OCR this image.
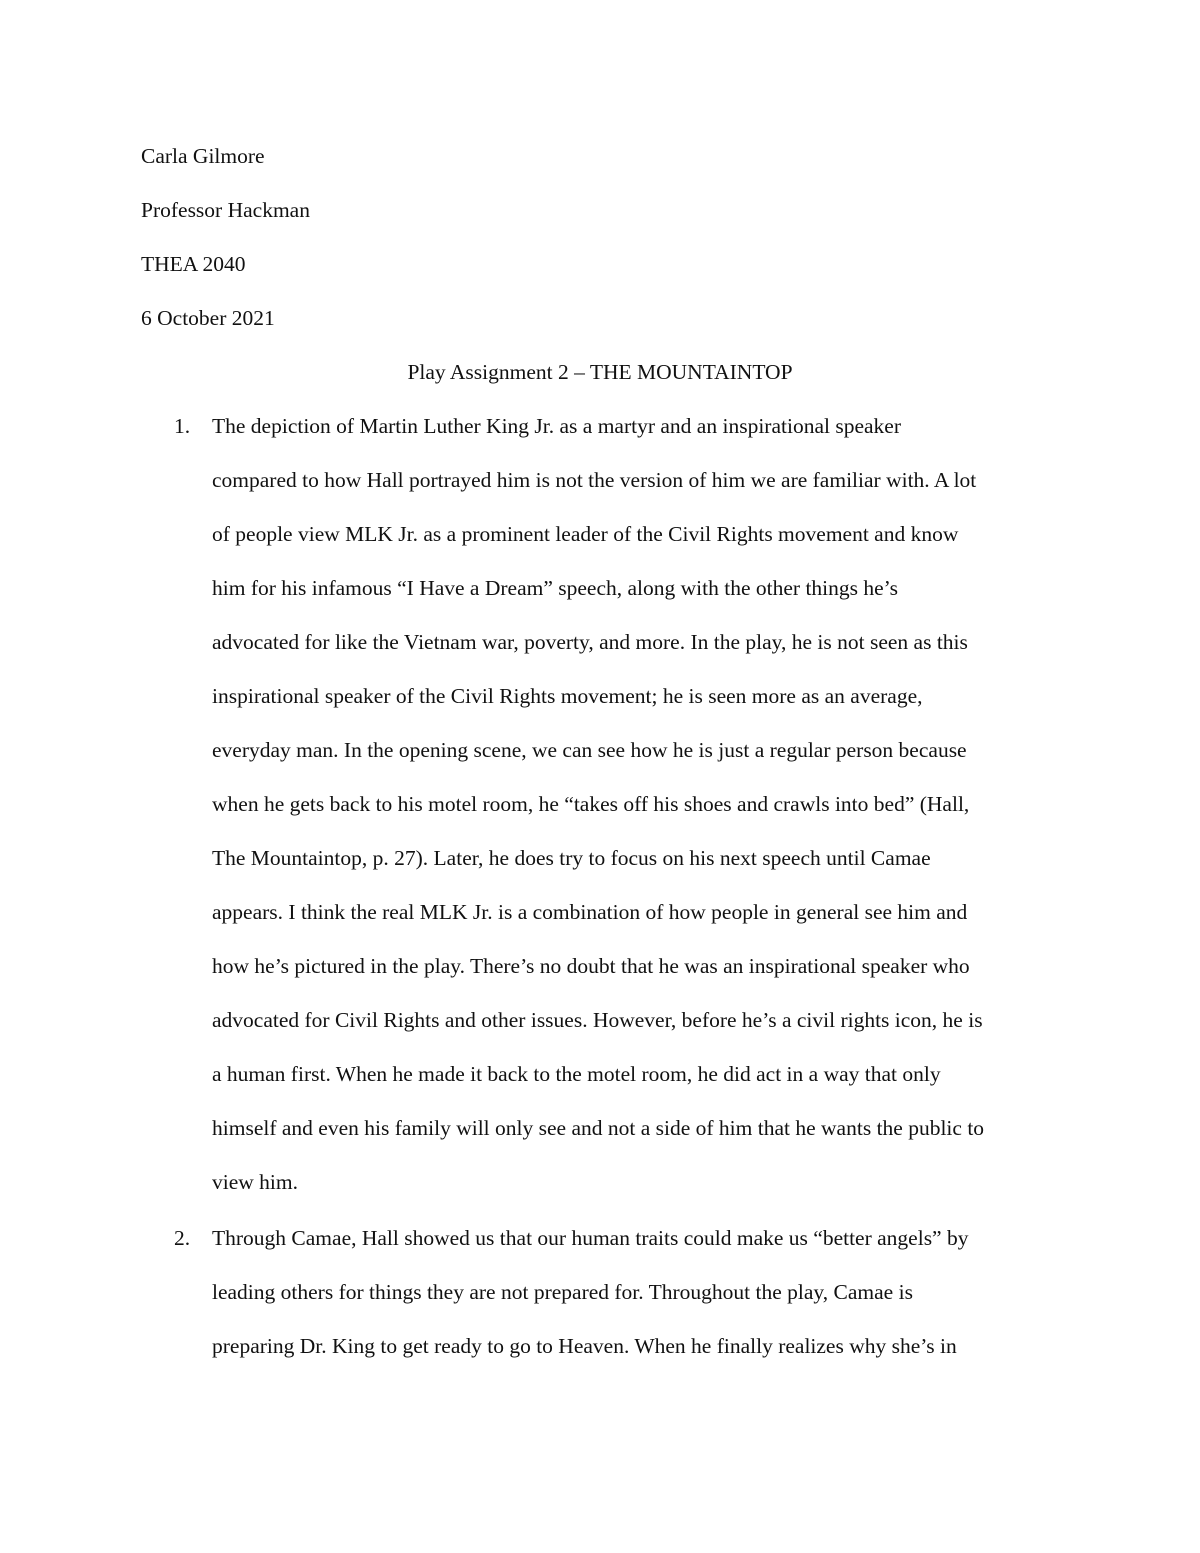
Carla Gilmore
Professor Hackman
THEA 2040
6 October 2021
Play Assignment 2 – THE MOUNTAINTOP
1. The depiction of Martin Luther King Jr. as a martyr and an inspirational speaker
compared to how Hall portrayed him is not the version of him we are familiar with. A lot
of people view MLK Jr. as a prominent leader of the Civil Rights movement and know
him for his infamous “I Have a Dream” speech, along with the other things he’s
advocated for like the Vietnam war, poverty, and more. In the play, he is not seen as this
inspirational speaker of the Civil Rights movement; he is seen more as an average,
everyday man. In the opening scene, we can see how he is just a regular person because
when he gets back to his motel room, he “takes off his shoes and crawls into bed” (Hall,
The Mountaintop, p. 27). Later, he does try to focus on his next speech until Camae
appears. I think the real MLK Jr. is a combination of how people in general see him and
how he’s pictured in the play. There’s no doubt that he was an inspirational speaker who
advocated for Civil Rights and other issues. However, before he’s a civil rights icon, he is
a human first. When he made it back to the motel room, he did act in a way that only
himself and even his family will only see and not a side of him that he wants the public to
view him.
2. Through Camae, Hall showed us that our human traits could make us “better angels” by
leading others for things they are not prepared for. Throughout the play, Camae is
preparing Dr. King to get ready to go to Heaven. When he finally realizes why she’s in
